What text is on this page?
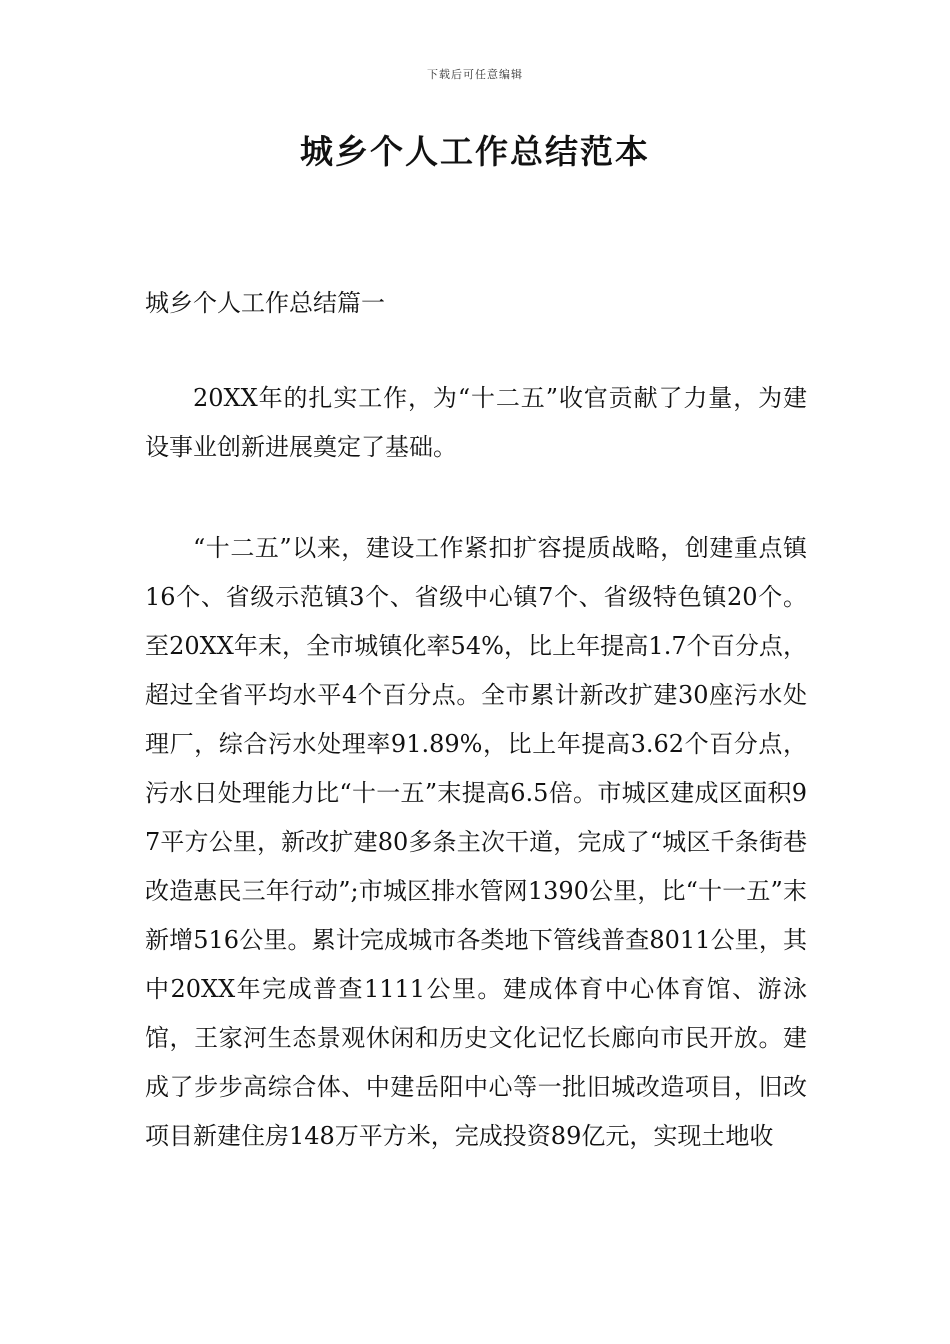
下载后可任意编辑
城乡个人工作总结范本
城乡个人工作总结篇一

20XX年的扎实工作，为“十二五”收官贡献了力量，为建设事业创新进展奠定了基础。

“十二五”以来，建设工作紧扣扩容提质战略，创建重点镇16个、省级示范镇3个、省级中心镇7个、省级特色镇20个。至20XX年末，全市城镇化率54%，比上年提高1.7个百分点，超过全省平均水平4个百分点。全市累计新改扩建30座污水处理厂，综合污水处理率91.89%，比上年提高3.62个百分点，污水日处理能力比“十一五”末提高6.5倍。市城区建成区面积97平方公里，新改扩建80多条主次干道，完成了“城区千条街巷改造惠民三年行动”;市城区排水管网1390公里，比“十一五”末新增516公里。累计完成城市各类地下管线普查8011公里，其中20XX年完成普查1111公里。建成体育中心体育馆、游泳馆，王家河生态景观休闲和历史文化记忆长廊向市民开放。建成了步步高综合体、中建岳阳中心等一批旧城改造项目，旧改项目新建住房148万平方米，完成投资89亿元，实现土地收
